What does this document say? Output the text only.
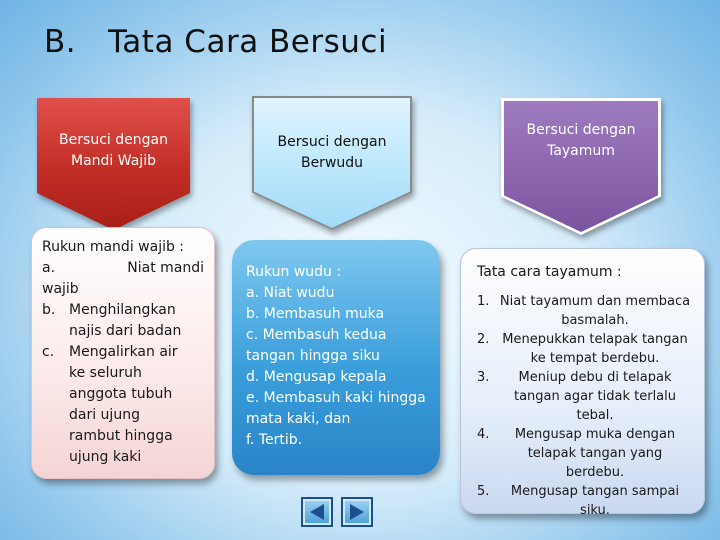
B. Tata Cara Bersuci
Bersuci dengan
Mandi Wajib
Bersuci dengan
Berwudu
Bersuci dengan
Tayamum

Rukun mandi wajib :

a.	Niat mandi
wajib
b. Menghilangkan najis dari badan
c.	Mengalirkan air ke seluruh anggota tubuh dari ujung rambut hingga ujung kaki

Rukun wudu :

a. Niat wudu

b. Membasuh muka

c. Membasuh kedua tangan hingga siku

d. Mengusap kepala

e. Membasuh kaki hingga mata kaki, dan

f. Tertib.

Tata cara tayamum :

1. Niat tayamum dan membaca basmalah.
2. Menepukkan telapak tangan ke tempat berdebu.
3.	Meniup debu di telapak tangan agar tidak terlalu tebal.
4.	Mengusap muka dengan telapak tangan yang berdebu.
5.	Mengusap tangan sampai siku.
